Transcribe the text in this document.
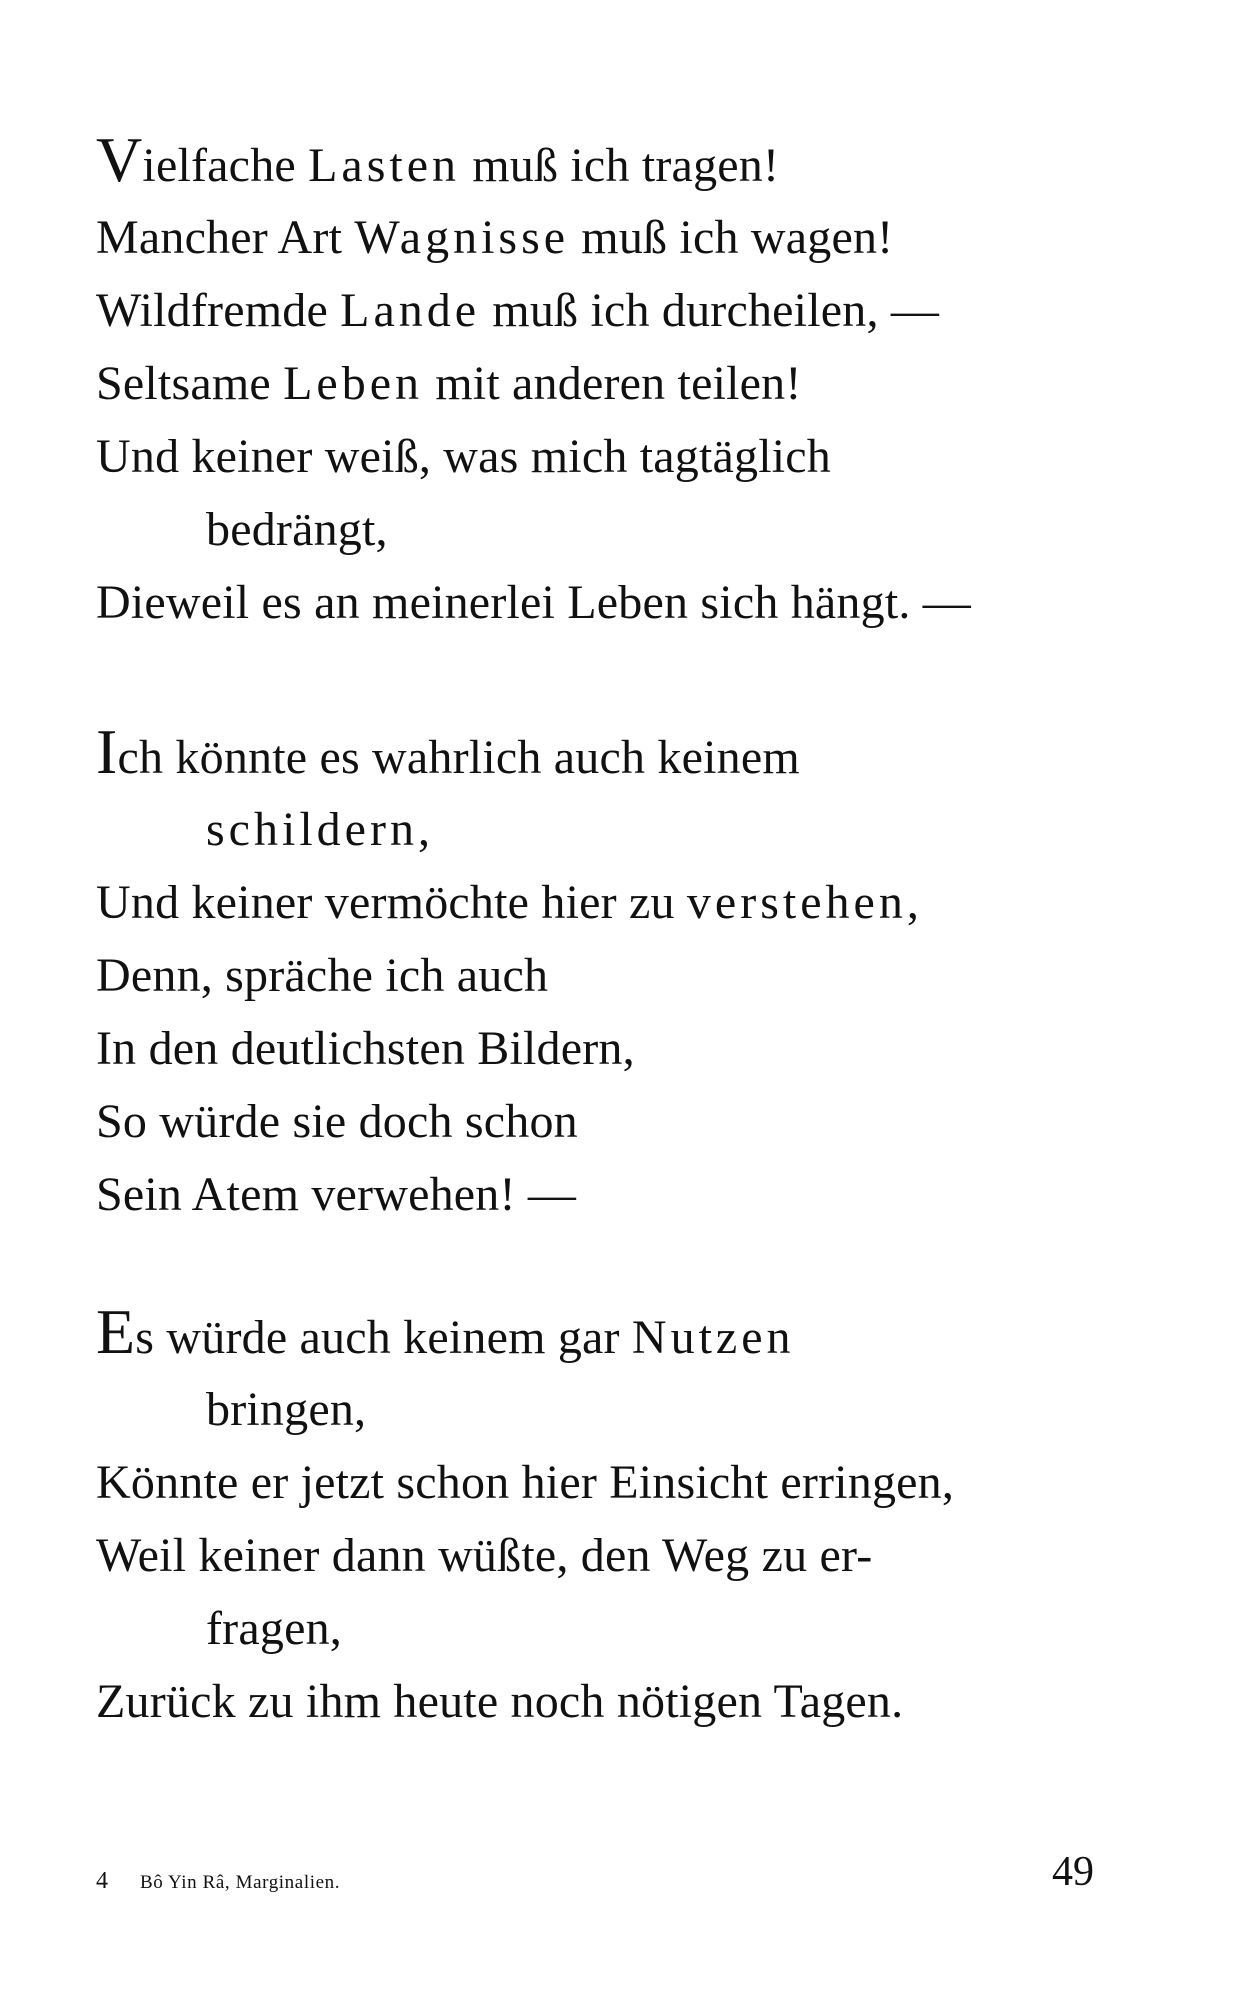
Vielfache Lasten muß ich tragen!
Mancher Art Wagnisse muß ich wagen!
Wildfremde Lande muß ich durcheilen, —
Seltsame Leben mit anderen teilen!
Und keiner weiß, was mich tagtäglich
bedrängt,
Dieweil es an meinerlei Leben sich hängt. —
Ich könnte es wahrlich auch keinem
schildern,
Und keiner vermöchte hier zu verstehen,
Denn, spräche ich auch
In den deutlichsten Bildern,
So würde sie doch schon
Sein Atem verwehen! —
Es würde auch keinem gar Nutzen
bringen,
Könnte er jetzt schon hier Einsicht erringen,
Weil keiner dann wüßte, den Weg zu er-
fragen,
Zurück zu ihm heute noch nötigen Tagen.
4 Bô Yin Râ, Marginalien.	49
